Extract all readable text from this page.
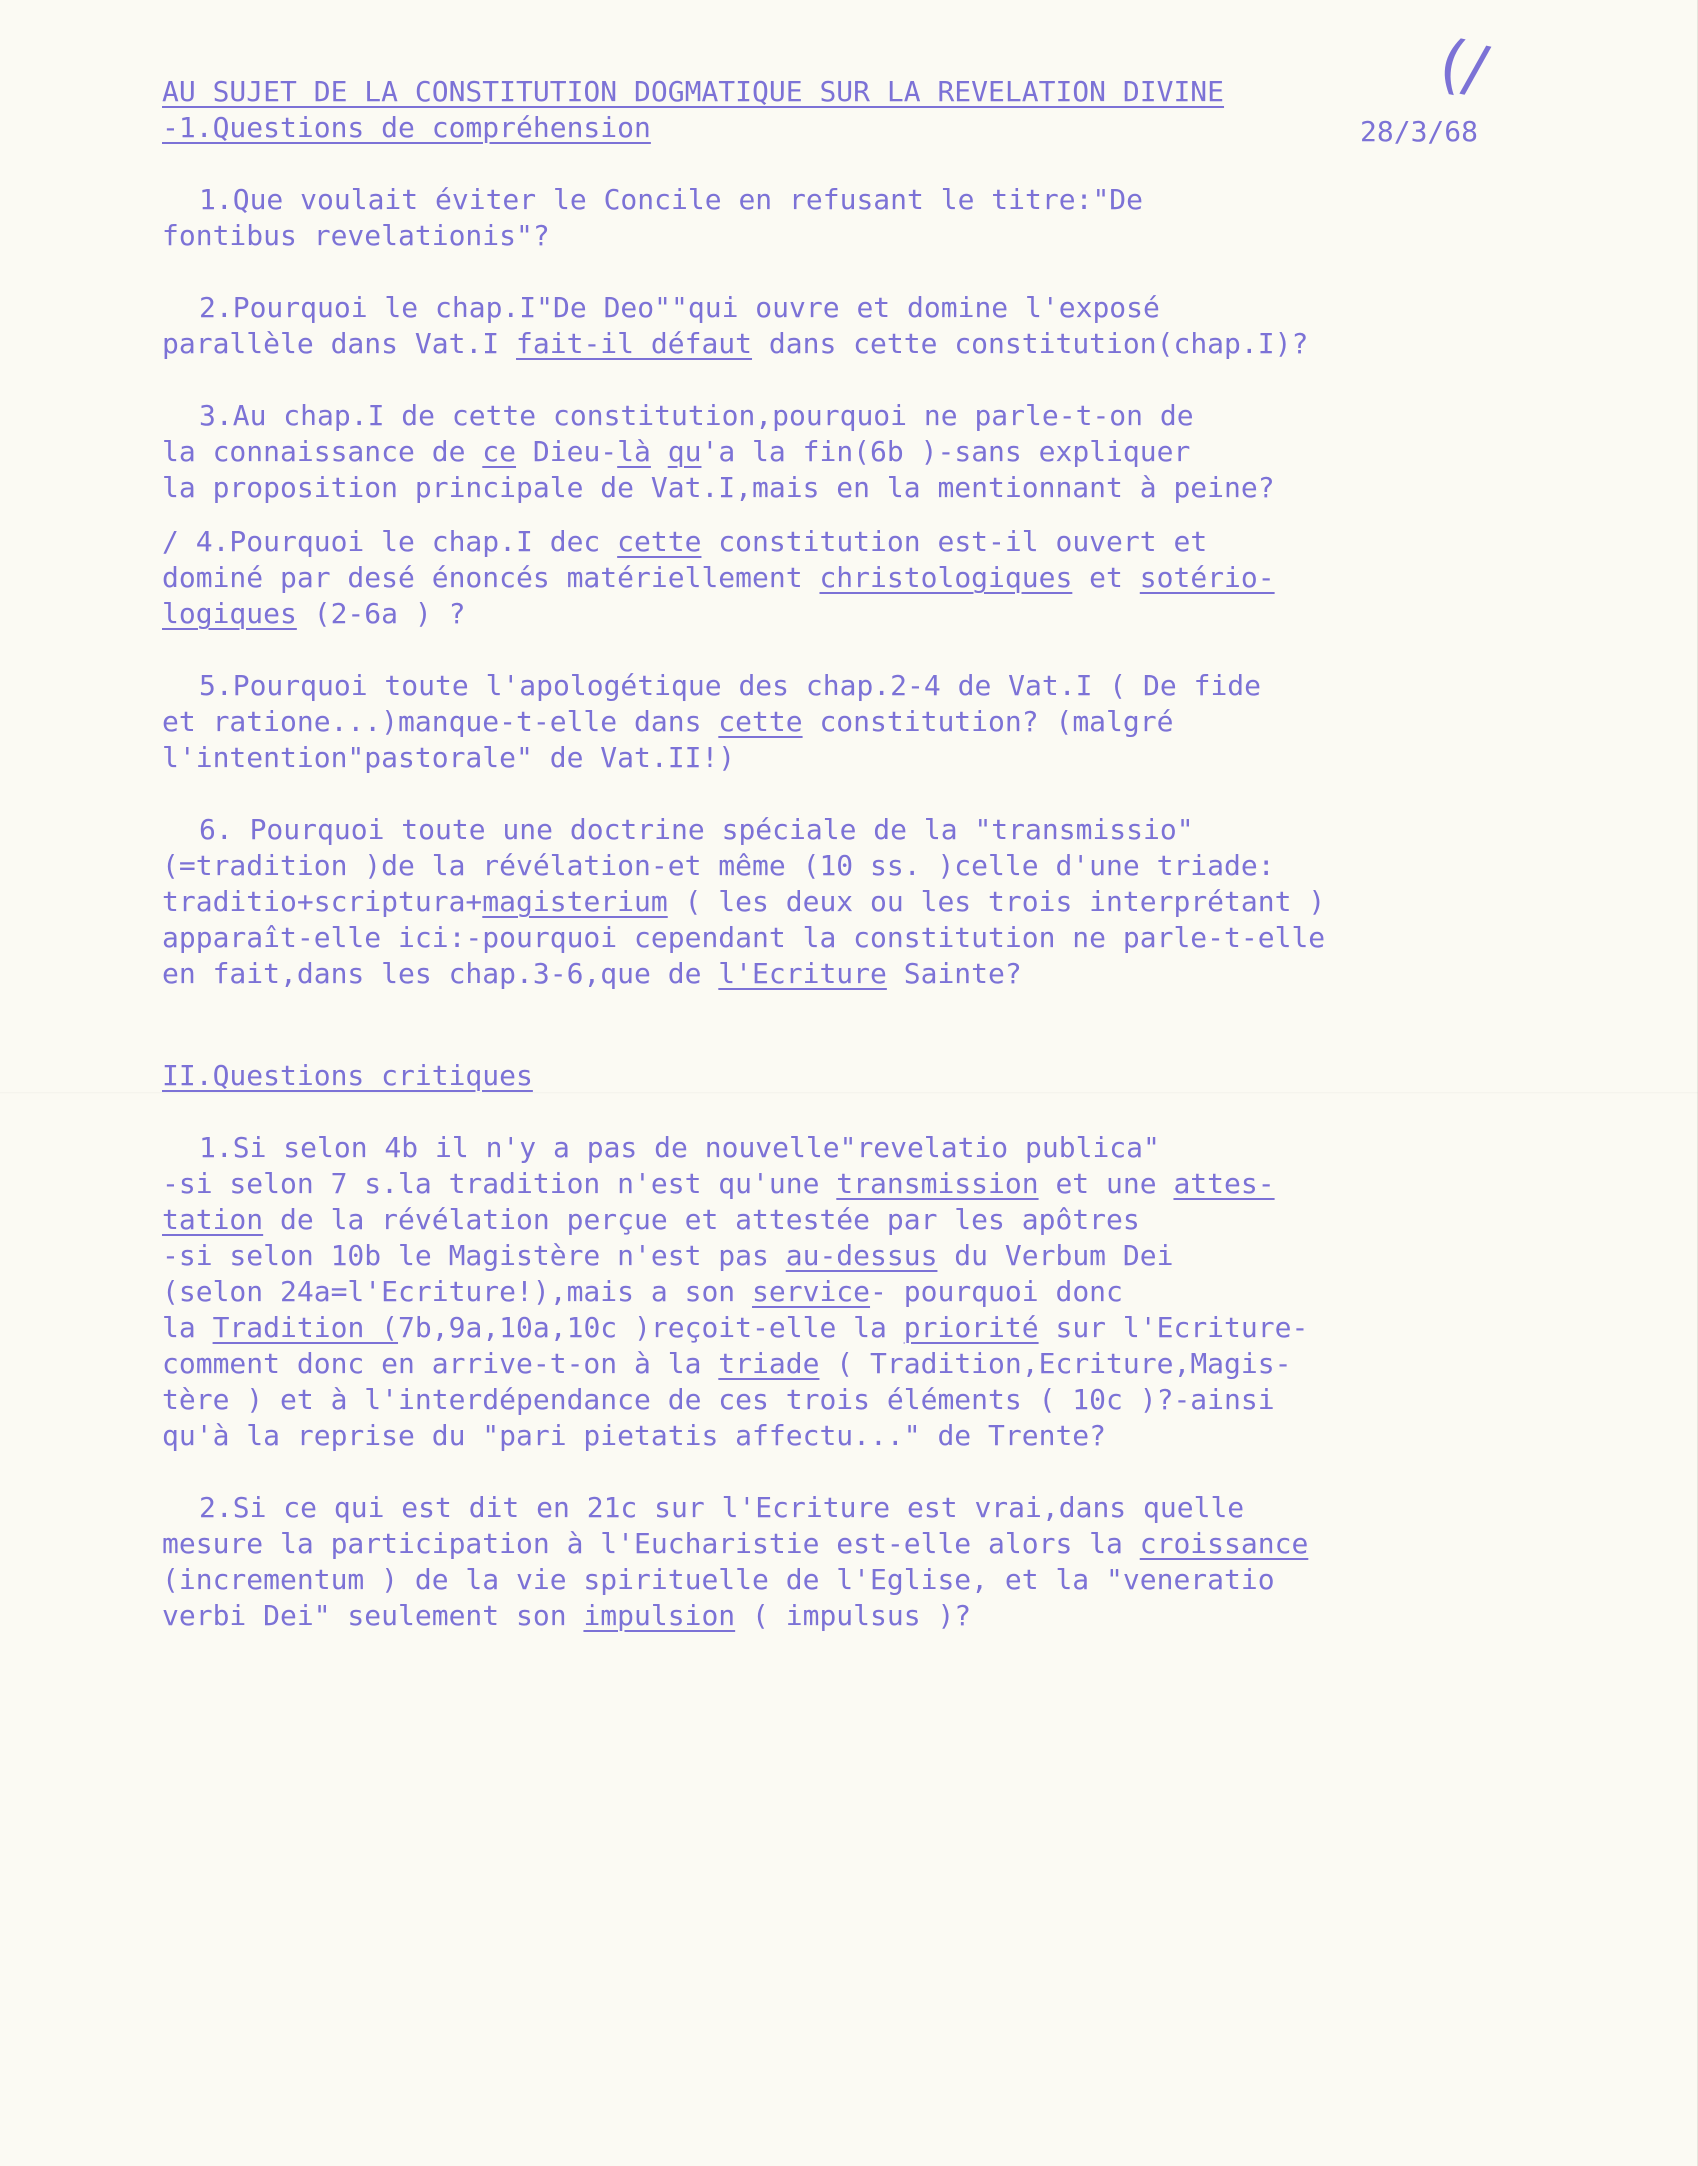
AU SUJET DE LA CONSTITUTION DOGMATIQUE SUR LA REVELATION DIVINE

-1.Questions de compréhension	28/3/68

(/

1.Que voulait éviter le Concile en refusant le titre:"De

fontibus revelationis"?

2.Pourquoi le chap.I"De Deo""qui ouvre et domine l'exposé

parallèle dans Vat.I fait-il défaut dans cette constitution(chap.I)?

3.Au chap.I de cette constitution,pourquoi ne parle-t-on de

la connaissance de ce Dieu-là qu'a la fin(6b )-sans expliquer

la proposition principale de Vat.I,mais en la mentionnant à peine?

/ 4.Pourquoi le chap.I dec cette constitution est-il ouvert et

dominé par desé énoncés matériellement christologiques et sotério-

logiques (2-6a ) ?

5.Pourquoi toute l'apologétique des chap.2-4 de Vat.I ( De fide

et ratione...)manque-t-elle dans cette constitution? (malgré

l'intention"pastorale" de Vat.II!)

6. Pourquoi toute une doctrine spéciale de la "transmissio"

(=tradition )de la révélation-et même (10 ss. )celle d'une triade:

traditio+scriptura+magisterium ( les deux ou les trois interprétant )

apparaît-elle ici:-pourquoi cependant la constitution ne parle-t-elle

en fait,dans les chap.3-6,que de l'Ecriture Sainte?

II.Questions critiques

1.Si selon 4b il n'y a pas de nouvelle"revelatio publica"

-si selon 7 s.la tradition n'est qu'une transmission et une attes-

tation de la révélation perçue et attestée par les apôtres

-si selon 10b le Magistère n'est pas au-dessus du Verbum Dei

(selon 24a=l'Ecriture!),mais a son service- pourquoi donc

la Tradition (7b,9a,10a,10c )reçoit-elle la priorité sur l'Ecriture-

comment donc en arrive-t-on à la triade ( Tradition,Ecriture,Magis-

tère ) et à l'interdépendance de ces trois éléments ( 10c )?-ainsi

qu'à la reprise du "pari pietatis affectu..." de Trente?

2.Si ce qui est dit en 21c sur l'Ecriture est vrai,dans quelle

mesure la participation à l'Eucharistie est-elle alors la croissance

(incrementum ) de la vie spirituelle de l'Eglise, et la "veneratio

verbi Dei" seulement son impulsion ( impulsus )?
